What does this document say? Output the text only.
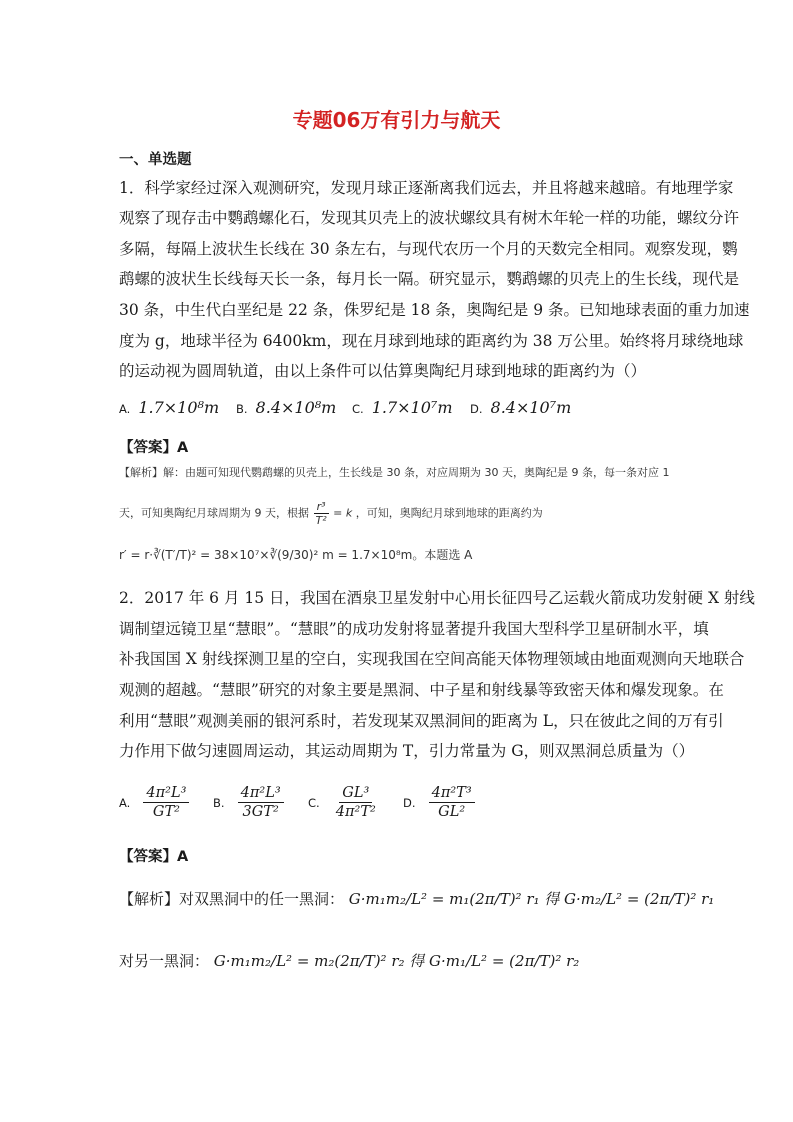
专题06万有引力与航天
一、单选题
1．科学家经过深入观测研究，发现月球正逐渐离我们远去，并且将越来越暗。有地理学家
观察了现存击中鹦鹉螺化石，发现其贝壳上的波状螺纹具有树木年轮一样的功能，螺纹分许
多隔，每隔上波状生长线在 30 条左右，与现代农历一个月的天数完全相同。观察发现，鹦
鹉螺的波状生长线每天长一条，每月长一隔。研究显示，鹦鹉螺的贝壳上的生长线，现代是
30 条，中生代白垩纪是 22 条，侏罗纪是 18 条，奥陶纪是 9 条。已知地球表面的重力加速
度为 g，地球半径为 6400km，现在月球到地球的距离约为 38 万公里。始终将月球绕地球
的运动视为圆周轨道，由以上条件可以估算奥陶纪月球到地球的距离约为（）
A. 1.7×10⁸m B. 8.4×10⁸m C. 1.7×10⁷m D. 8.4×10⁷m
【答案】A
【解析】解：由题可知现代鹦鹉螺的贝壳上，生长线是 30 条，对应周期为 30 天，奥陶纪是 9 条，每一条对应 1
天，可知奥陶纪月球周期为 9 天，根据 $\frac{\text{r³}}{\text{T²}} = k$ ，可知，奥陶纪月球到地球的距离约为
r′ = r·∛(T′/T)² = 38×10⁷×∛(9/30)² m = 1.7×10⁸m。本题选 A
2．2017 年 6 月 15 日，我国在酒泉卫星发射中心用长征四号乙运载火箭成功发射硬 X 射线
调制望远镜卫星“慧眼”。“慧眼”的成功发射将显著提升我国大型科学卫星研制水平，填
补我国国 X 射线探测卫星的空白，实现我国在空间高能天体物理领域由地面观测向天地联合
观测的超越。“慧眼”研究的对象主要是黑洞、中子星和射线暴等致密天体和爆发现象。在
利用“慧眼”观测美丽的银河系时，若发现某双黑洞间的距离为 L，只在彼此之间的万有引
力作用下做匀速圆周运动，其运动周期为 T，引力常量为 G，则双黑洞总质量为（）
A. $\frac{\text{4π²L³}}{\text{GT²}} B$. $\frac{\text{4π²L³}}{\text{3GT²}} C$. $\frac{\text{GL³}}{\text{4π²T²}} D$. $\frac{\text{4π²T³}}{\text{GL²}}$
【答案】A
【解析】对双黑洞中的任一黑洞： G·m₁m₂/L² = m₁(2π/T)² r₁ 得 G·m₂/L² = (2π/T)² r₁
对另一黑洞： G·m₁m₂/L² = m₂(2π/T)² r₂ 得 G·m₁/L² = (2π/T)² r₂
